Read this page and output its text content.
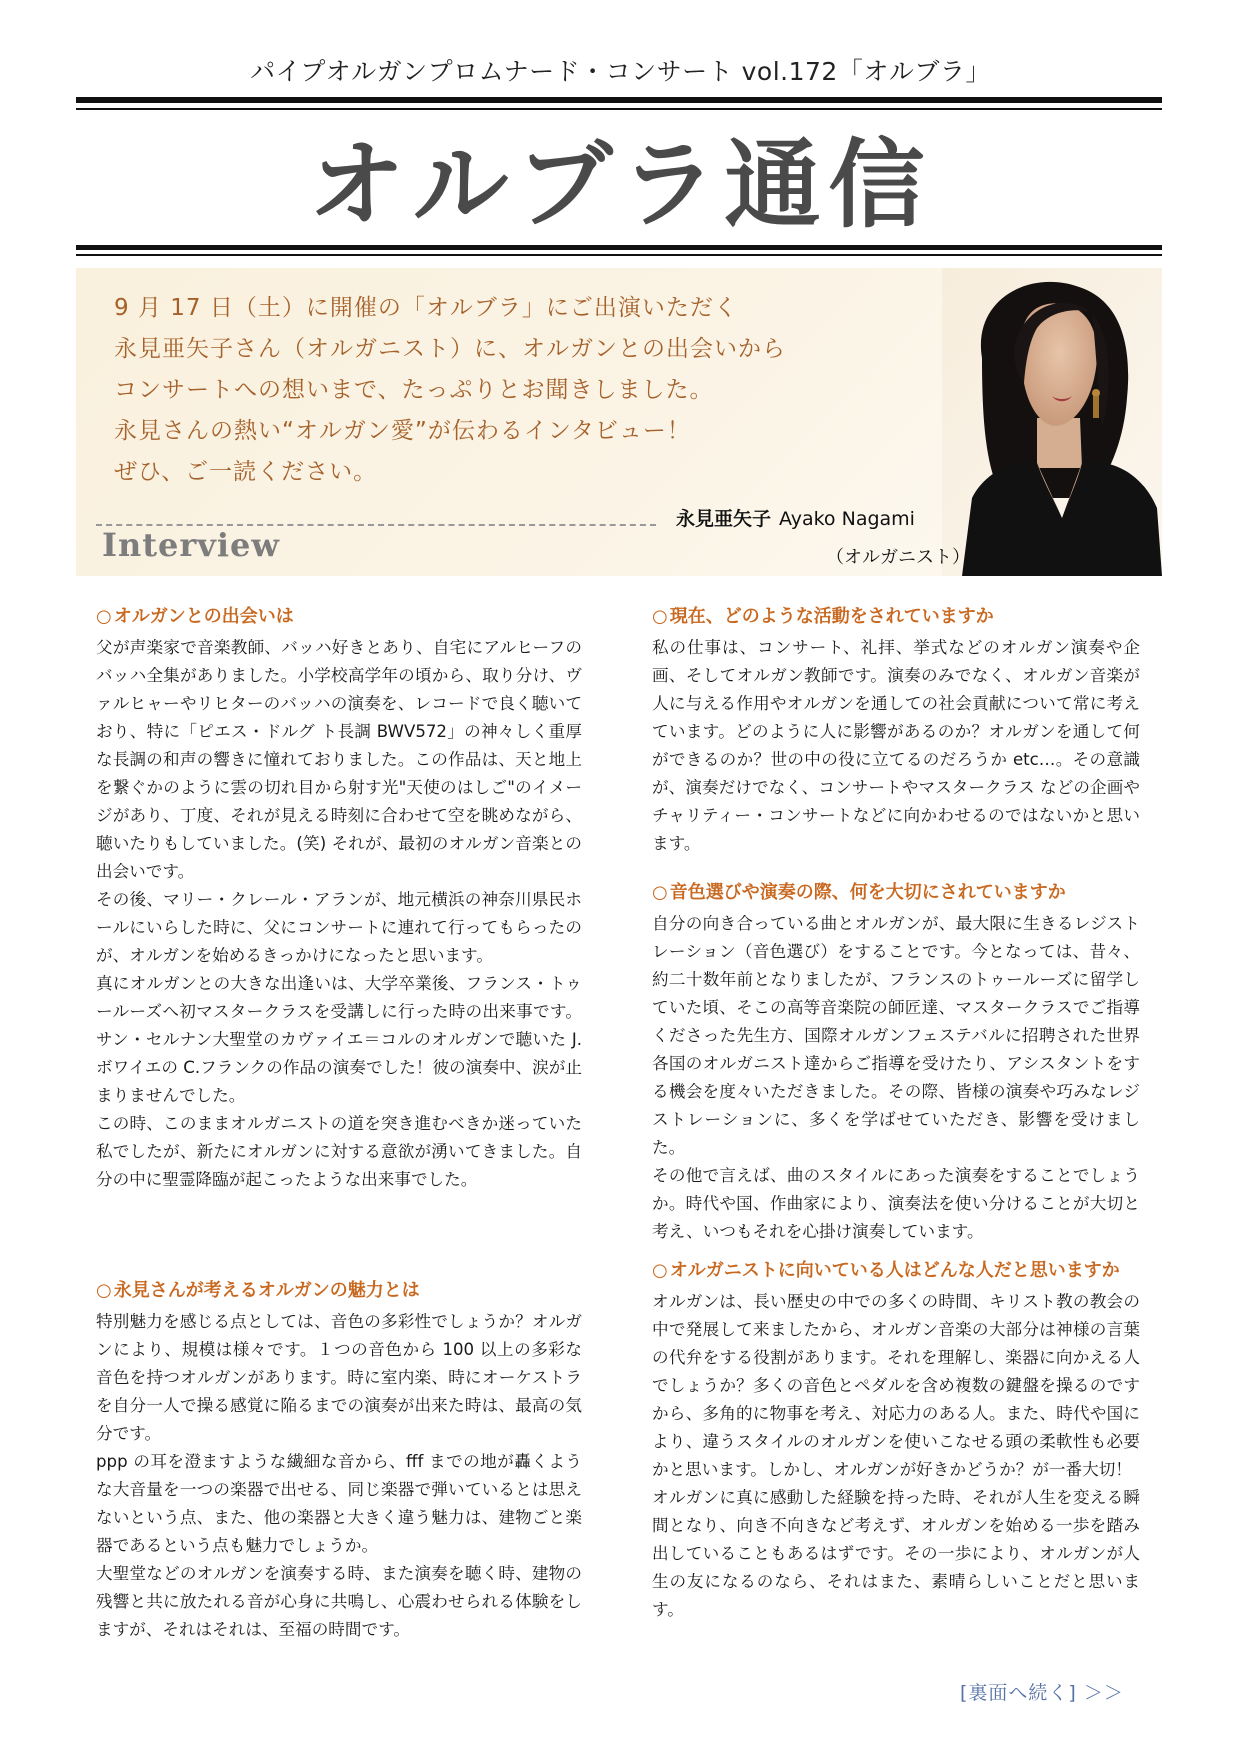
パイプオルガンプロムナード・コンサート vol.172「オルブラ」
オルブラ通信
9 月 17 日（土）に開催の「オルブラ」にご出演いただく
永見亜矢子さん（オルガニスト）に、オルガンとの出会いから
コンサートへの想いまで、たっぷりとお聞きしました。
永見さんの熱い“オルガン愛”が伝わるインタビュー！
ぜひ、ご一読ください。
Interview
永見亜矢子 Ayako Nagami
（オルガニスト）
○ オルガンとの出会いは

父が声楽家で音楽教師、バッハ好きとあり、自宅にアルヒーフのバッハ全集がありました。小学校高学年の頃から、取り分け、ヴァルヒャーやリヒターのバッハの演奏を、レコードで良く聴いており、特に「ピエス・ドルグ ト長調 BWV572」の神々しく重厚な長調の和声の響きに憧れておりました。この作品は、天と地上を繋ぐかのように雲の切れ目から射す光"天使のはしご"のイメージがあり、丁度、それが見える時刻に合わせて空を眺めながら、聴いたりもしていました。(笑) それが、最初のオルガン音楽との出会いです。

その後、マリー・クレール・アランが、地元横浜の神奈川県民ホールにいらした時に、父にコンサートに連れて行ってもらったのが、オルガンを始めるきっかけになったと思います。

真にオルガンとの大きな出逢いは、大学卒業後、フランス・トゥールーズへ初マスタークラスを受講しに行った時の出来事です。サン・セルナン大聖堂のカヴァイエ＝コルのオルガンで聴いた J.ボワイエの C.フランクの作品の演奏でした！彼の演奏中、涙が止まりませんでした。

この時、このままオルガニストの道を突き進むべきか迷っていた私でしたが、新たにオルガンに対する意欲が湧いてきました。自分の中に聖霊降臨が起こったような出来事でした。

○ 永見さんが考えるオルガンの魅力とは

特別魅力を感じる点としては、音色の多彩性でしょうか？オルガンにより、規模は様々です。１つの音色から 100 以上の多彩な音色を持つオルガンがあります。時に室内楽、時にオーケストラを自分一人で操る感覚に陥るまでの演奏が出来た時は、最高の気分です。

ppp の耳を澄ますような繊細な音から、fff までの地が轟くような大音量を一つの楽器で出せる、同じ楽器で弾いているとは思えないという点、また、他の楽器と大きく違う魅力は、建物ごと楽器であるという点も魅力でしょうか。

大聖堂などのオルガンを演奏する時、また演奏を聴く時、建物の残響と共に放たれる音が心身に共鳴し、心震わせられる体験をしますが、それはそれは、至福の時間です。

○ 現在、どのような活動をされていますか

私の仕事は、コンサート、礼拝、挙式などのオルガン演奏や企画、そしてオルガン教師です。演奏のみでなく、オルガン音楽が人に与える作用やオルガンを通しての社会貢献について常に考えています。どのように人に影響があるのか？オルガンを通して何ができるのか？世の中の役に立てるのだろうか etc…。その意識が、演奏だけでなく、コンサートやマスタークラス などの企画やチャリティー・コンサートなどに向かわせるのではないかと思います。

○ 音色選びや演奏の際、何を大切にされていますか

自分の向き合っている曲とオルガンが、最大限に生きるレジストレーション（音色選び）をすることです。今となっては、昔々、約二十数年前となりましたが、フランスのトゥールーズに留学していた頃、そこの高等音楽院の師匠達、マスタークラスでご指導くださった先生方、国際オルガンフェステバルに招聘された世界各国のオルガニスト達からご指導を受けたり、アシスタントをする機会を度々いただきました。その際、皆様の演奏や巧みなレジストレーションに、多くを学ばせていただき、影響を受けました。

その他で言えば、曲のスタイルにあった演奏をすることでしょうか。時代や国、作曲家により、演奏法を使い分けることが大切と考え、いつもそれを心掛け演奏しています。

○ オルガニストに向いている人はどんな人だと思いますか

オルガンは、長い歴史の中での多くの時間、キリスト教の教会の中で発展して来ましたから、オルガン音楽の大部分は神様の言葉の代弁をする役割があります。それを理解し、楽器に向かえる人でしょうか？多くの音色とペダルを含め複数の鍵盤を操るのですから、多角的に物事を考え、対応力のある人。また、時代や国により、違うスタイルのオルガンを使いこなせる頭の柔軟性も必要かと思います。しかし、オルガンが好きかどうか？が一番大切！

オルガンに真に感動した経験を持った時、それが人生を変える瞬間となり、向き不向きなど考えず、オルガンを始める一歩を踏み出していることもあるはずです。その一歩により、オルガンが人生の友になるのなら、それはまた、素晴らしいことだと思います。

[裏面へ続く] ＞＞
